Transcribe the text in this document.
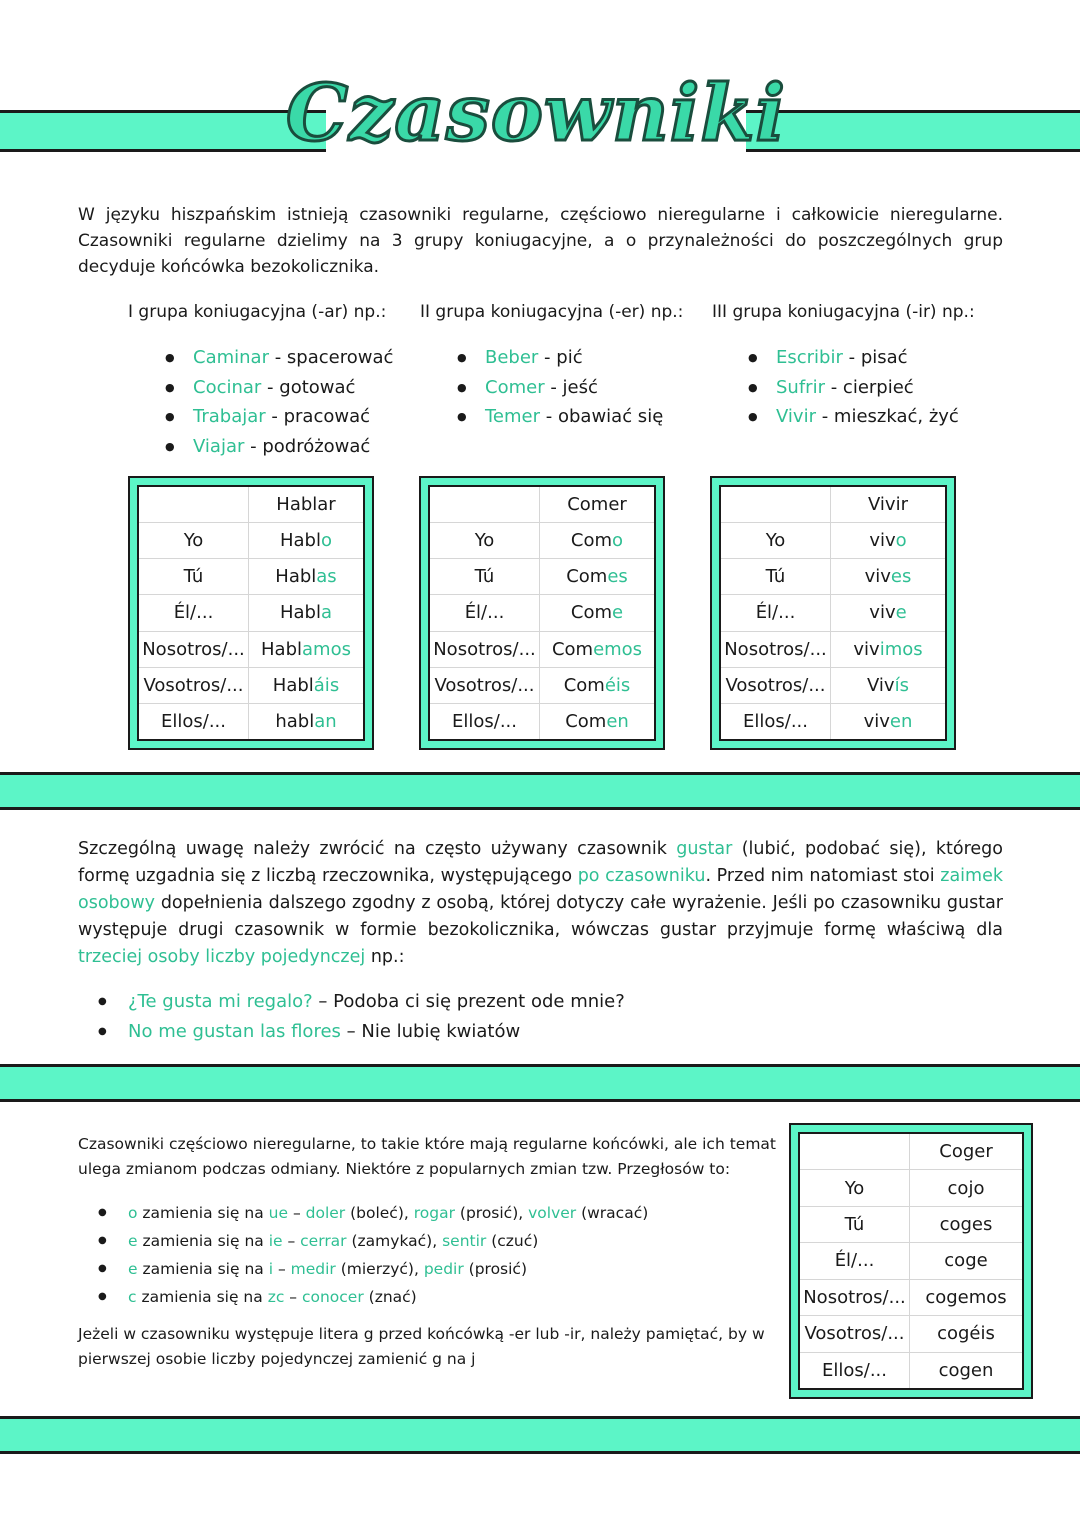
Czasowniki

W języku hiszpańskim istnieją czasowniki regularne, częściowo nieregularne i całkowicie nieregularne. Czasowniki regularne dzielimy na 3 grupy koniugacyjne, a o przynależności do poszczególnych grup decyduje końcówka bezokolicznika.

I grupa koniugacyjna (-ar) np.: II grupa koniugacyjna (-er) np.: III grupa koniugacyjna (-ir) np.:
● Caminar - spacerować
● Cocinar - gotować
● Trabajar - pracować
● Viajar - podróżować
● Beber - pić
● Comer - jeść
● Temer - obawiać się
● Escribir - pisać
● Sufrir - cierpieć
● Vivir - mieszkać, żyć
Hablar
Yo	Habl o
Tú	Habl as
Él/...	Habl a
Nosotros/... Habl amos
Vosotros/...	Habl áis
Ellos/...	habl an
Comer
Yo	Com o
Tú	Com es
Él/...	Com e
Nosotros/... Com emos
Vosotros/...	Com éis
Ellos/...	Com en
Vivir
Yo	viv o
Tú	viv es
Él/...	viv e
Nosotros/... viv imos
Vosotros/...	Viv ís
Ellos/...	viv en

Szczególną uwagę należy zwrócić na często używany czasownik gustar (lubić, podobać się), którego formę uzgadnia się z liczbą rzeczownika, występującego po czasowniku. Przed nim natomiast stoi zaimek osobowy dopełnienia dalszego zgodny z osobą, której dotyczy całe wyrażenie. Jeśli po czasowniku gustar występuje drugi czasownik w formie bezokolicznika, wówczas gustar przyjmuje formę właściwą dla trzeciej osoby liczby pojedynczej np.:

● ¿Te gusta mi regalo? – Podoba ci się prezent ode mnie?
● No me gustan las flores – Nie lubię kwiatów

Czasowniki częściowo nieregularne, to takie które mają regularne końcówki, ale ich temat ulega zmianom podczas odmiany. Niektóre z popularnych zmian tzw. Przegłosów to:

● o zamienia się na ue – doler (boleć), rogar (prosić), volver (wracać)
● e zamienia się na ie – cerrar (zamykać), sentir (czuć)
● e zamienia się na i – medir (mierzyć), pedir (prosić)
● c zamienia się na zc – conocer (znać)

Jeżeli w czasowniku występuje litera g przed końcówką -er lub -ir, należy pamiętać, by w pierwszej osobie liczby pojedynczej zamienić g na j

Coger
Yo	cojo
Tú	coges
Él/...	coge
Nosotros/...	cogemos
Vosotros/...	cogéis
Ellos/...	cogen
